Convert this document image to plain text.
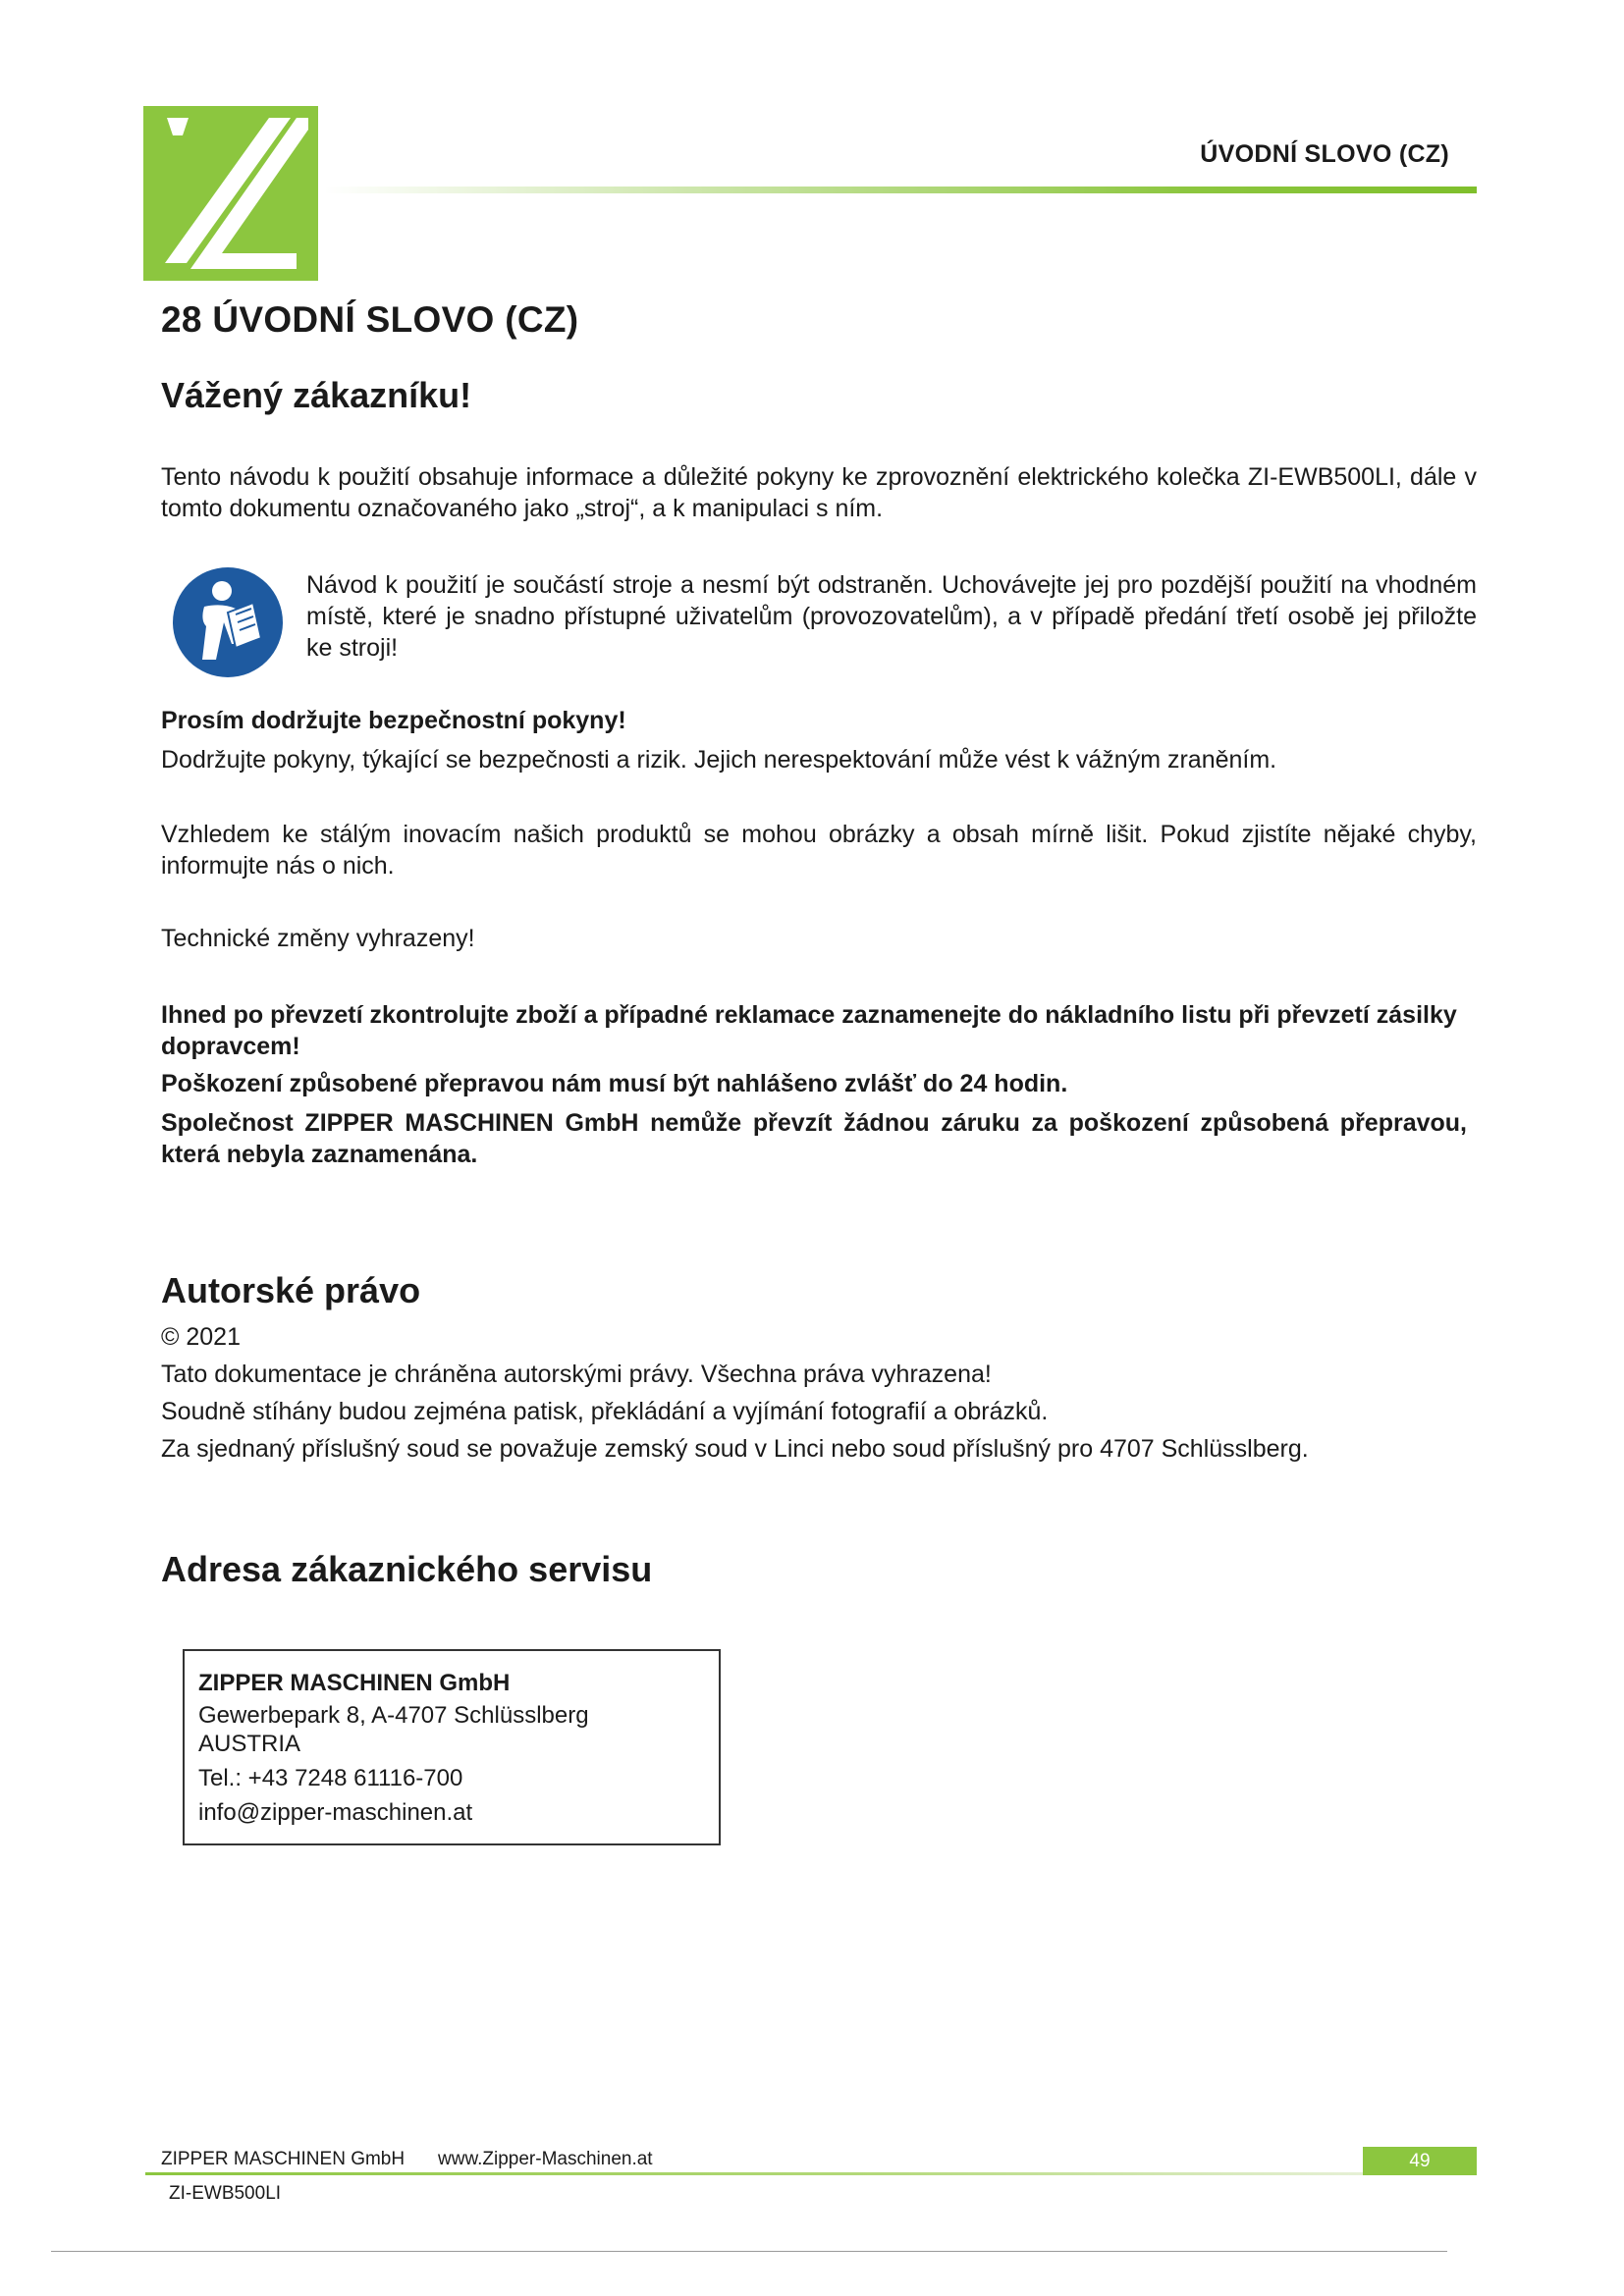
ÚVODNÍ SLOVO (CZ)
28 ÚVODNÍ SLOVO (CZ)
Vážený zákazníku!
Tento návodu k použití obsahuje informace a důležité pokyny ke zprovoznění elektrického kolečka ZI-EWB500LI, dále v tomto dokumentu označovaného jako „stroj“, a k manipulaci s ním.
Návod k použití je součástí stroje a nesmí být odstraněn. Uchovávejte jej pro pozdější použití na vhodném místě, které je snadno přístupné uživatelům (provozovatelům), a v případě předání třetí osobě jej přiložte ke stroji!
Prosím dodržujte bezpečnostní pokyny!
Dodržujte pokyny, týkající se bezpečnosti a rizik. Jejich nerespektování může vést k vážným zraněním.
Vzhledem ke stálým inovacím našich produktů se mohou obrázky a obsah mírně lišit. Pokud zjistíte nějaké chyby, informujte nás o nich.
Technické změny vyhrazeny!
Ihned po převzetí zkontrolujte zboží a případné reklamace zaznamenejte do nákladního listu při převzetí zásilky dopravcem!
Poškození způsobené přepravou nám musí být nahlášeno zvlášť do 24 hodin.
Společnost ZIPPER MASCHINEN GmbH nemůže převzít žádnou záruku za poškození způsobená přepravou, která nebyla zaznamenána.
Autorské právo
© 2021
Tato dokumentace je chráněna autorskými právy. Všechna práva vyhrazena!
Soudně stíhány budou zejména patisk, překládání a vyjímání fotografií a obrázků.
Za sjednaný příslušný soud se považuje zemský soud v Linci nebo soud příslušný pro 4707 Schlüsslberg.
Adresa zákaznického servisu
ZIPPER MASCHINEN GmbH
Gewerbepark 8, A-4707 Schlüsslberg
AUSTRIA
Tel.: +43 7248 61116-700
info@zipper-maschinen.at
ZIPPER MASCHINEN GmbH www.Zipper-Maschinen.at	49
ZI-EWB500LI
